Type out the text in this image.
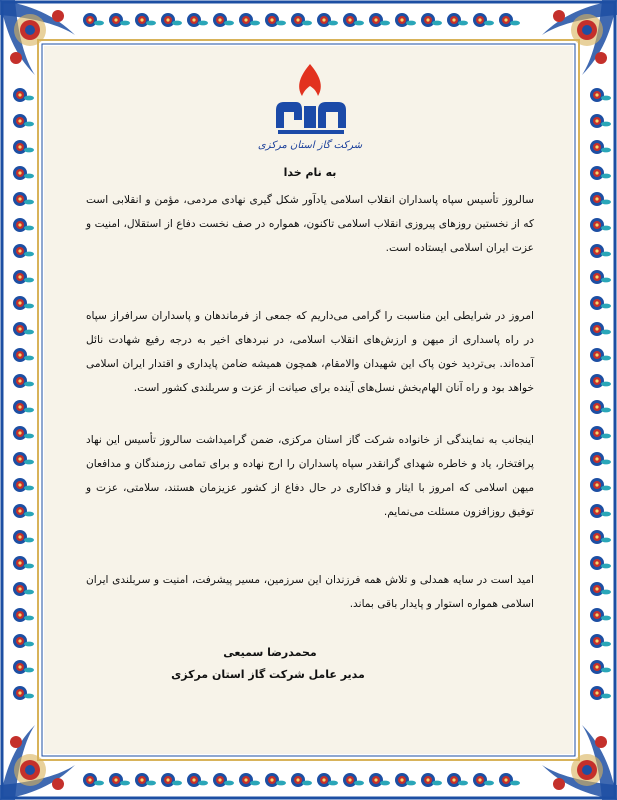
شرکت گاز استان مرکزی
به نام خدا

سالروز تأسیس سپاه پاسداران انقلاب اسلامی یادآور شکل گیری نهادی مردمی، مؤمن و انقلابی است که از نخستین روزهای پیروزی انقلاب اسلامی تاکنون، همواره در صف نخست دفاع از استقلال، امنیت و عزت ایران اسلامی ایستاده است.

امروز در شرایطی این مناسبت را گرامی می‌داریم که جمعی از فرماندهان و پاسداران سرافراز سپاه در راه پاسداری از میهن و ارزش‌های انقلاب اسلامی، در نبردهای اخیر به درجه رفیع شهادت نائل آمده‌اند. بی‌تردید خون پاک این شهیدان والامقام، همچون همیشه ضامن پایداری و اقتدار ایران اسلامی خواهد بود و راه آنان الهام‌بخش نسل‌های آینده برای صیانت از عزت و سربلندی کشور است.

اینجانب به نمایندگی از خانواده شرکت گاز استان مرکزی، ضمن گرامیداشت سالروز تأسیس این نهاد پرافتخار، یاد و خاطره شهدای گرانقدر سپاه پاسداران را ارج نهاده و برای تمامی رزمندگان و مدافعان میهن اسلامی که امروز با ایثار و فداکاری در حال دفاع از کشور عزیزمان هستند، سلامتی، عزت و توفیق روزافزون مسئلت می‌نمایم.

امید است در سایه همدلی و تلاش همه فرزندان این سرزمین، مسیر پیشرفت، امنیت و سربلندی ایران اسلامی همواره استوار و پایدار باقی بماند.

محمدرضا سمیعی
مدیر عامل شرکت گاز استان مرکزی
